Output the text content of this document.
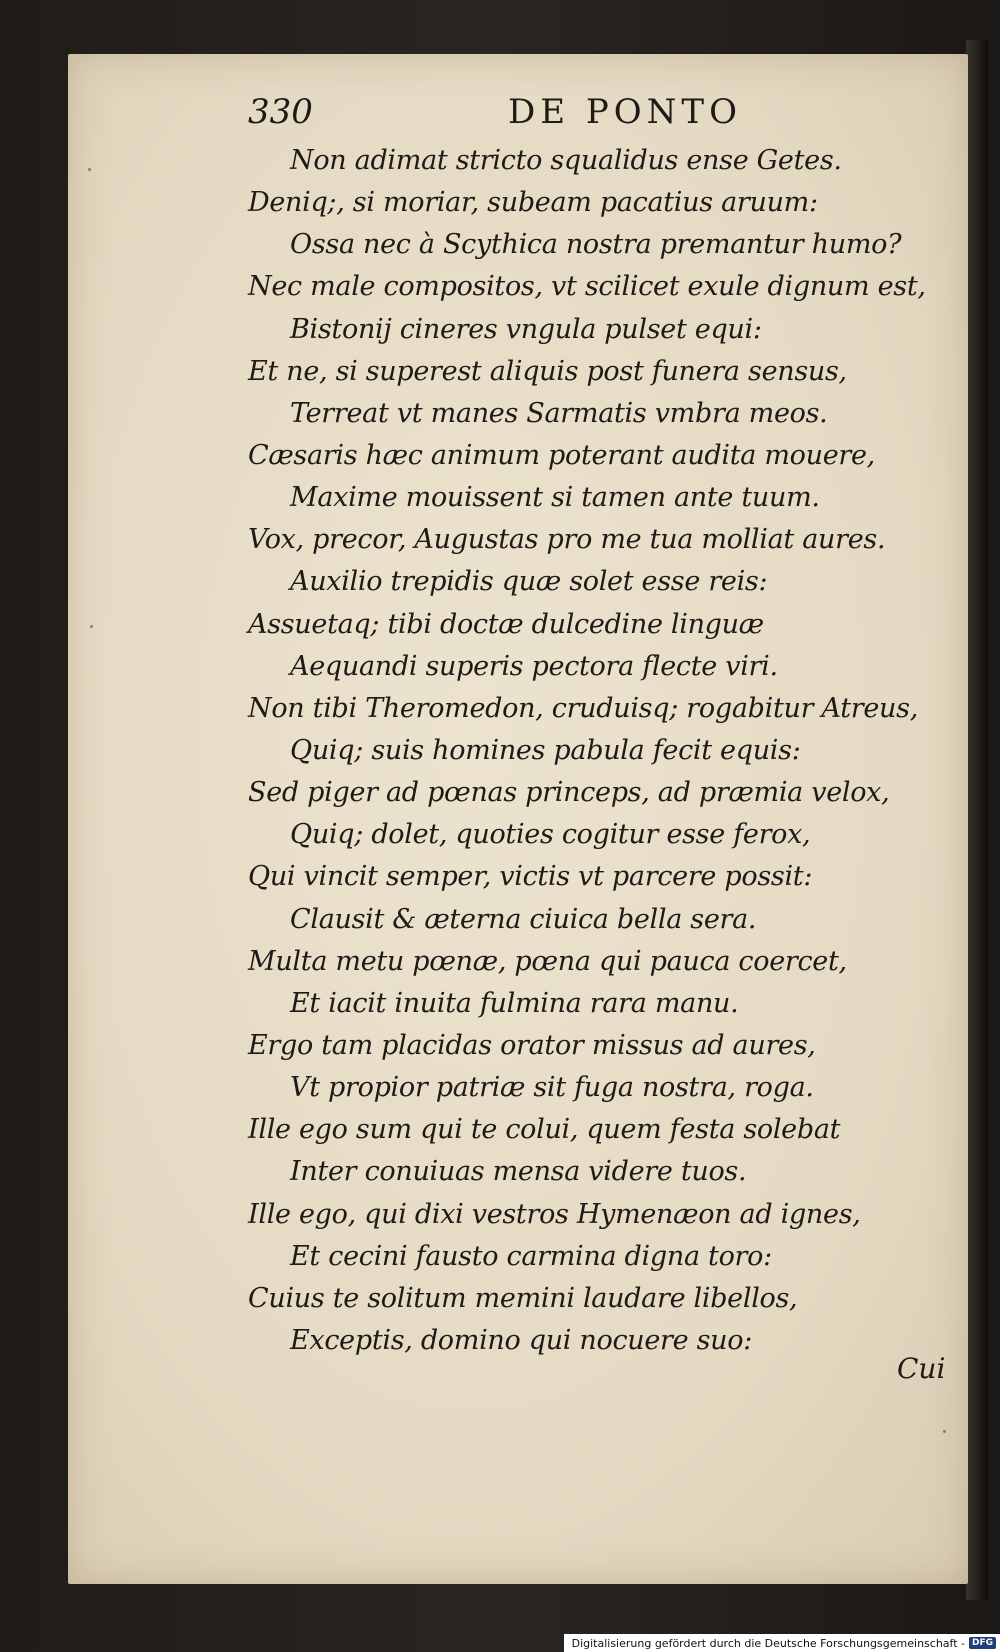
330	DE PONTO
Non adimat stricto squalidus ense Getes.
Deniq;, si moriar, subeam pacatius aruum:
Ossa nec à Scythica nostra premantur humo?
Nec male compositos, vt scilicet exule dignum est,
Bistonij cineres vngula pulset equi:
Et ne, si superest aliquis post funera sensus,
Terreat vt manes Sarmatis vmbra meos.
Cæsaris hæc animum poterant audita mouere,
Maxime mouissent si tamen ante tuum.
Vox, precor, Augustas pro me tua molliat aures.
Auxilio trepidis quæ solet esse reis:
Assuetaq; tibi doctæ dulcedine linguæ
Aequandi superis pectora flecte viri.
Non tibi Theromedon, cruduisq; rogabitur Atreus,
Quiq; suis homines pabula fecit equis:
Sed piger ad pœnas princeps, ad præmia velox,
Quiq; dolet, quoties cogitur esse ferox,
Qui vincit semper, victis vt parcere possit:
Clausit & æterna ciuica bella sera.
Multa metu pœnæ, pœna qui pauca coercet,
Et iacit inuita fulmina rara manu.
Ergo tam placidas orator missus ad aures,
Vt propior patriæ sit fuga nostra, roga.
Ille ego sum qui te colui, quem festa solebat
Inter conuiuas mensa videre tuos.
Ille ego, qui dixi vestros Hymenæon ad ignes,
Et cecini fausto carmina digna toro:
Cuius te solitum memini laudare libellos,
Exceptis, domino qui nocuere suo:
Cui
Digitalisierung gefördert durch die Deutsche Forschungsgemeinschaft - DFG
